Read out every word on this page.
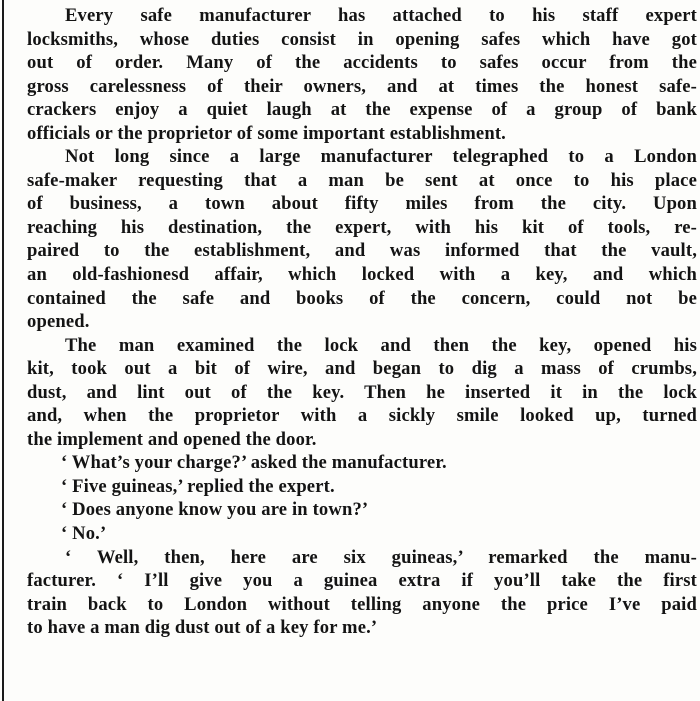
Every safe manufacturer has attached to his staff expert
locksmiths, whose duties consist in opening safes which have got
out of order. Many of the accidents to safes occur from the
gross carelessness of their owners, and at times the honest safe-
crackers enjoy a quiet laugh at the expense of a group of bank
officials or the proprietor of some important establishment.

Not long since a large manufacturer telegraphed to a London
safe-maker requesting that a man be sent at once to his place
of business, a town about fifty miles from the city. Upon
reaching his destination, the expert, with his kit of tools, re-
paired to the establishment, and was informed that the vault,
an old-fashionesd affair, which locked with a key, and which
contained the safe and books of the concern, could not be
opened.

The man examined the lock and then the key, opened his
kit, took out a bit of wire, and began to dig a mass of crumbs,
dust, and lint out of the key. Then he inserted it in the lock
and, when the proprietor with a sickly smile looked up, turned
the implement and opened the door.

‘ What’s your charge?’ asked the manufacturer.

‘ Five guineas,’ replied the expert.

‘ Does anyone know you are in town?’

‘ No.’

‘ Well, then, here are six guineas,’ remarked the manu-
facturer. ‘ I’ll give you a guinea extra if you’ll take the first
train back to London without telling anyone the price I’ve paid
to have a man dig dust out of a key for me.’
